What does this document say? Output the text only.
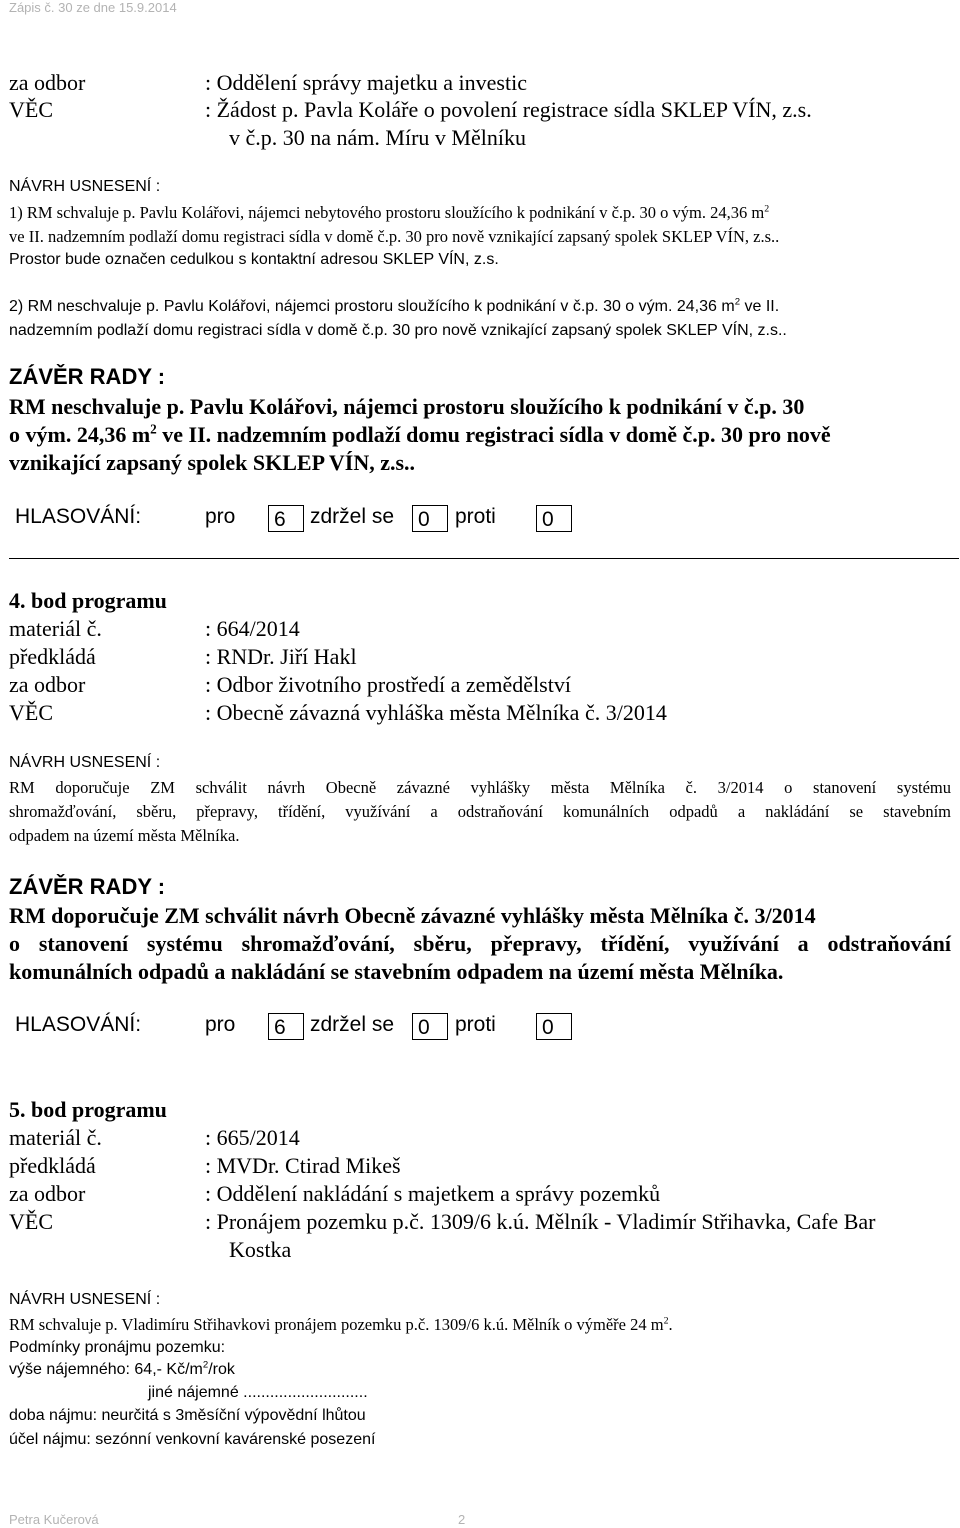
Zápis č. 30 ze dne 15.9.2014
za odbor	: Oddělení správy majetku a investic
VĚC	: Žádost p. Pavla Koláře o povolení registrace sídla SKLEP VÍN, z.s.
v č.p. 30 na nám. Míru v Mělníku
NÁVRH USNESENÍ :
1) RM schvaluje p. Pavlu Kolářovi, nájemci nebytového prostoru sloužícího k podnikání v č.p. 30 o vým. 24,36 $m^2$
ve II. nadzemním podlaží domu registraci sídla v domě č.p. 30 pro nově vznikající zapsaný spolek SKLEP VÍN, z.s..
Prostor bude označen cedulkou s kontaktní adresou SKLEP VÍN, z.s.
2) RM neschvaluje p. Pavlu Kolářovi, nájemci prostoru sloužícího k podnikání v č.p. 30 o vým. 24,36 $m^2$ ve II.
nadzemním podlaží domu registraci sídla v domě č.p. 30 pro nově vznikající zapsaný spolek SKLEP VÍN, z.s..
ZÁVĚR RADY :
RM neschvaluje p. Pavlu Kolářovi, nájemci prostoru sloužícího k podnikání v č.p. 30
o vým. 24,36 $m^2$ ve II. nadzemním podlaží domu registraci sídla v domě č.p. 30 pro nově
vznikající zapsaný spolek SKLEP VÍN, z.s..
HLASOVÁNÍ:	pro 6	zdržel se 0	proti 0
4. bod programu
materiál č.	: 664/2014
předkládá	: RNDr. Jiří Hakl
za odbor	: Odbor životního prostředí a zemědělství
VĚC	: Obecně závazná vyhláška města Mělníka č. 3/2014
NÁVRH USNESENÍ :
RM doporučuje ZM schválit návrh Obecně závazné vyhlášky města Mělníka č. 3/2014 o stanovení systému
shromažďování, sběru, přepravy, třídění, využívání a odstraňování komunálních odpadů a nakládání se stavebním
odpadem na území města Mělníka.
ZÁVĚR RADY :
RM doporučuje ZM schválit návrh Obecně závazné vyhlášky města Mělníka č. 3/2014
o stanovení systému shromažďování, sběru, přepravy, třídění, využívání a odstraňování
komunálních odpadů a nakládání se stavebním odpadem na území města Mělníka.
HLASOVÁNÍ:	pro 6	zdržel se 0	proti 0
5. bod programu
materiál č.	: 665/2014
předkládá	: MVDr. Ctirad Mikeš
za odbor	: Oddělení nakládání s majetkem a správy pozemků
VĚC	: Pronájem pozemku p.č. 1309/6 k.ú. Mělník - Vladimír Střihavka, Cafe Bar
Kostka
NÁVRH USNESENÍ :
RM schvaluje p. Vladimíru Střihavkovi pronájem pozemku p.č. 1309/6 k.ú. Mělník o výměře 24 $m^2$.
Podmínky pronájmu pozemku:
výše nájemného: 64,- $Kč/m^2$/rok
jiné nájemné ............................
doba nájmu: neurčitá s 3měsíční výpovědní lhůtou
účel nájmu: sezónní venkovní kavárenské posezení
Petra Kučerová	2
